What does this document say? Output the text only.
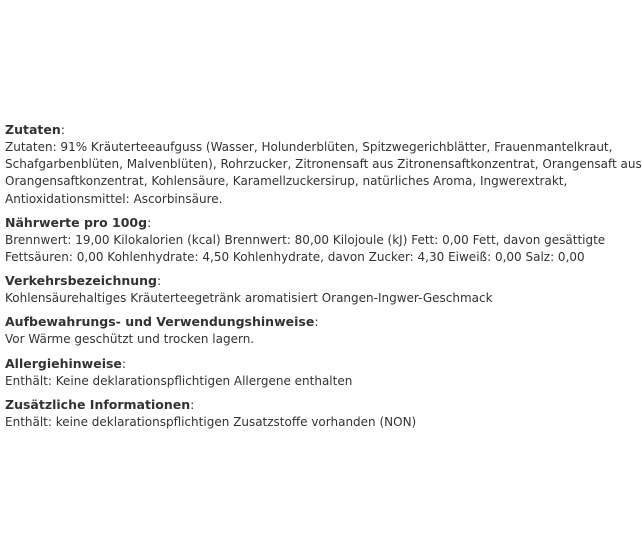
Zutaten:

Zutaten: 91% Kräuterteeaufguss (Wasser, Holunderblüten, Spitzwegerichblätter, Frauenmantelkraut,
Schafgarbenblüten, Malvenblüten), Rohrzucker, Zitronensaft aus Zitronensaftkonzentrat, Orangensaft aus
Orangensaftkonzentrat, Kohlensäure, Karamellzuckersirup, natürliches Aroma, Ingwerextrakt,
Antioxidationsmittel: Ascorbinsäure.

Nährwerte pro 100g:

Brennwert: 19,00 Kilokalorien (kcal) Brennwert: 80,00 Kilojoule (kJ) Fett: 0,00 Fett, davon gesättigte
Fettsäuren: 0,00 Kohlenhydrate: 4,50 Kohlenhydrate, davon Zucker: 4,30 Eiweiß: 0,00 Salz: 0,00

Verkehrsbezeichnung:

Kohlensäurehaltiges Kräuterteegetränk aromatisiert Orangen-Ingwer-Geschmack

Aufbewahrungs- und Verwendungshinweise:

Vor Wärme geschützt und trocken lagern.

Allergiehinweise:

Enthält: Keine deklarationspflichtigen Allergene enthalten

Zusätzliche Informationen:

Enthält: keine deklarationspflichtigen Zusatzstoffe vorhanden (NON)
